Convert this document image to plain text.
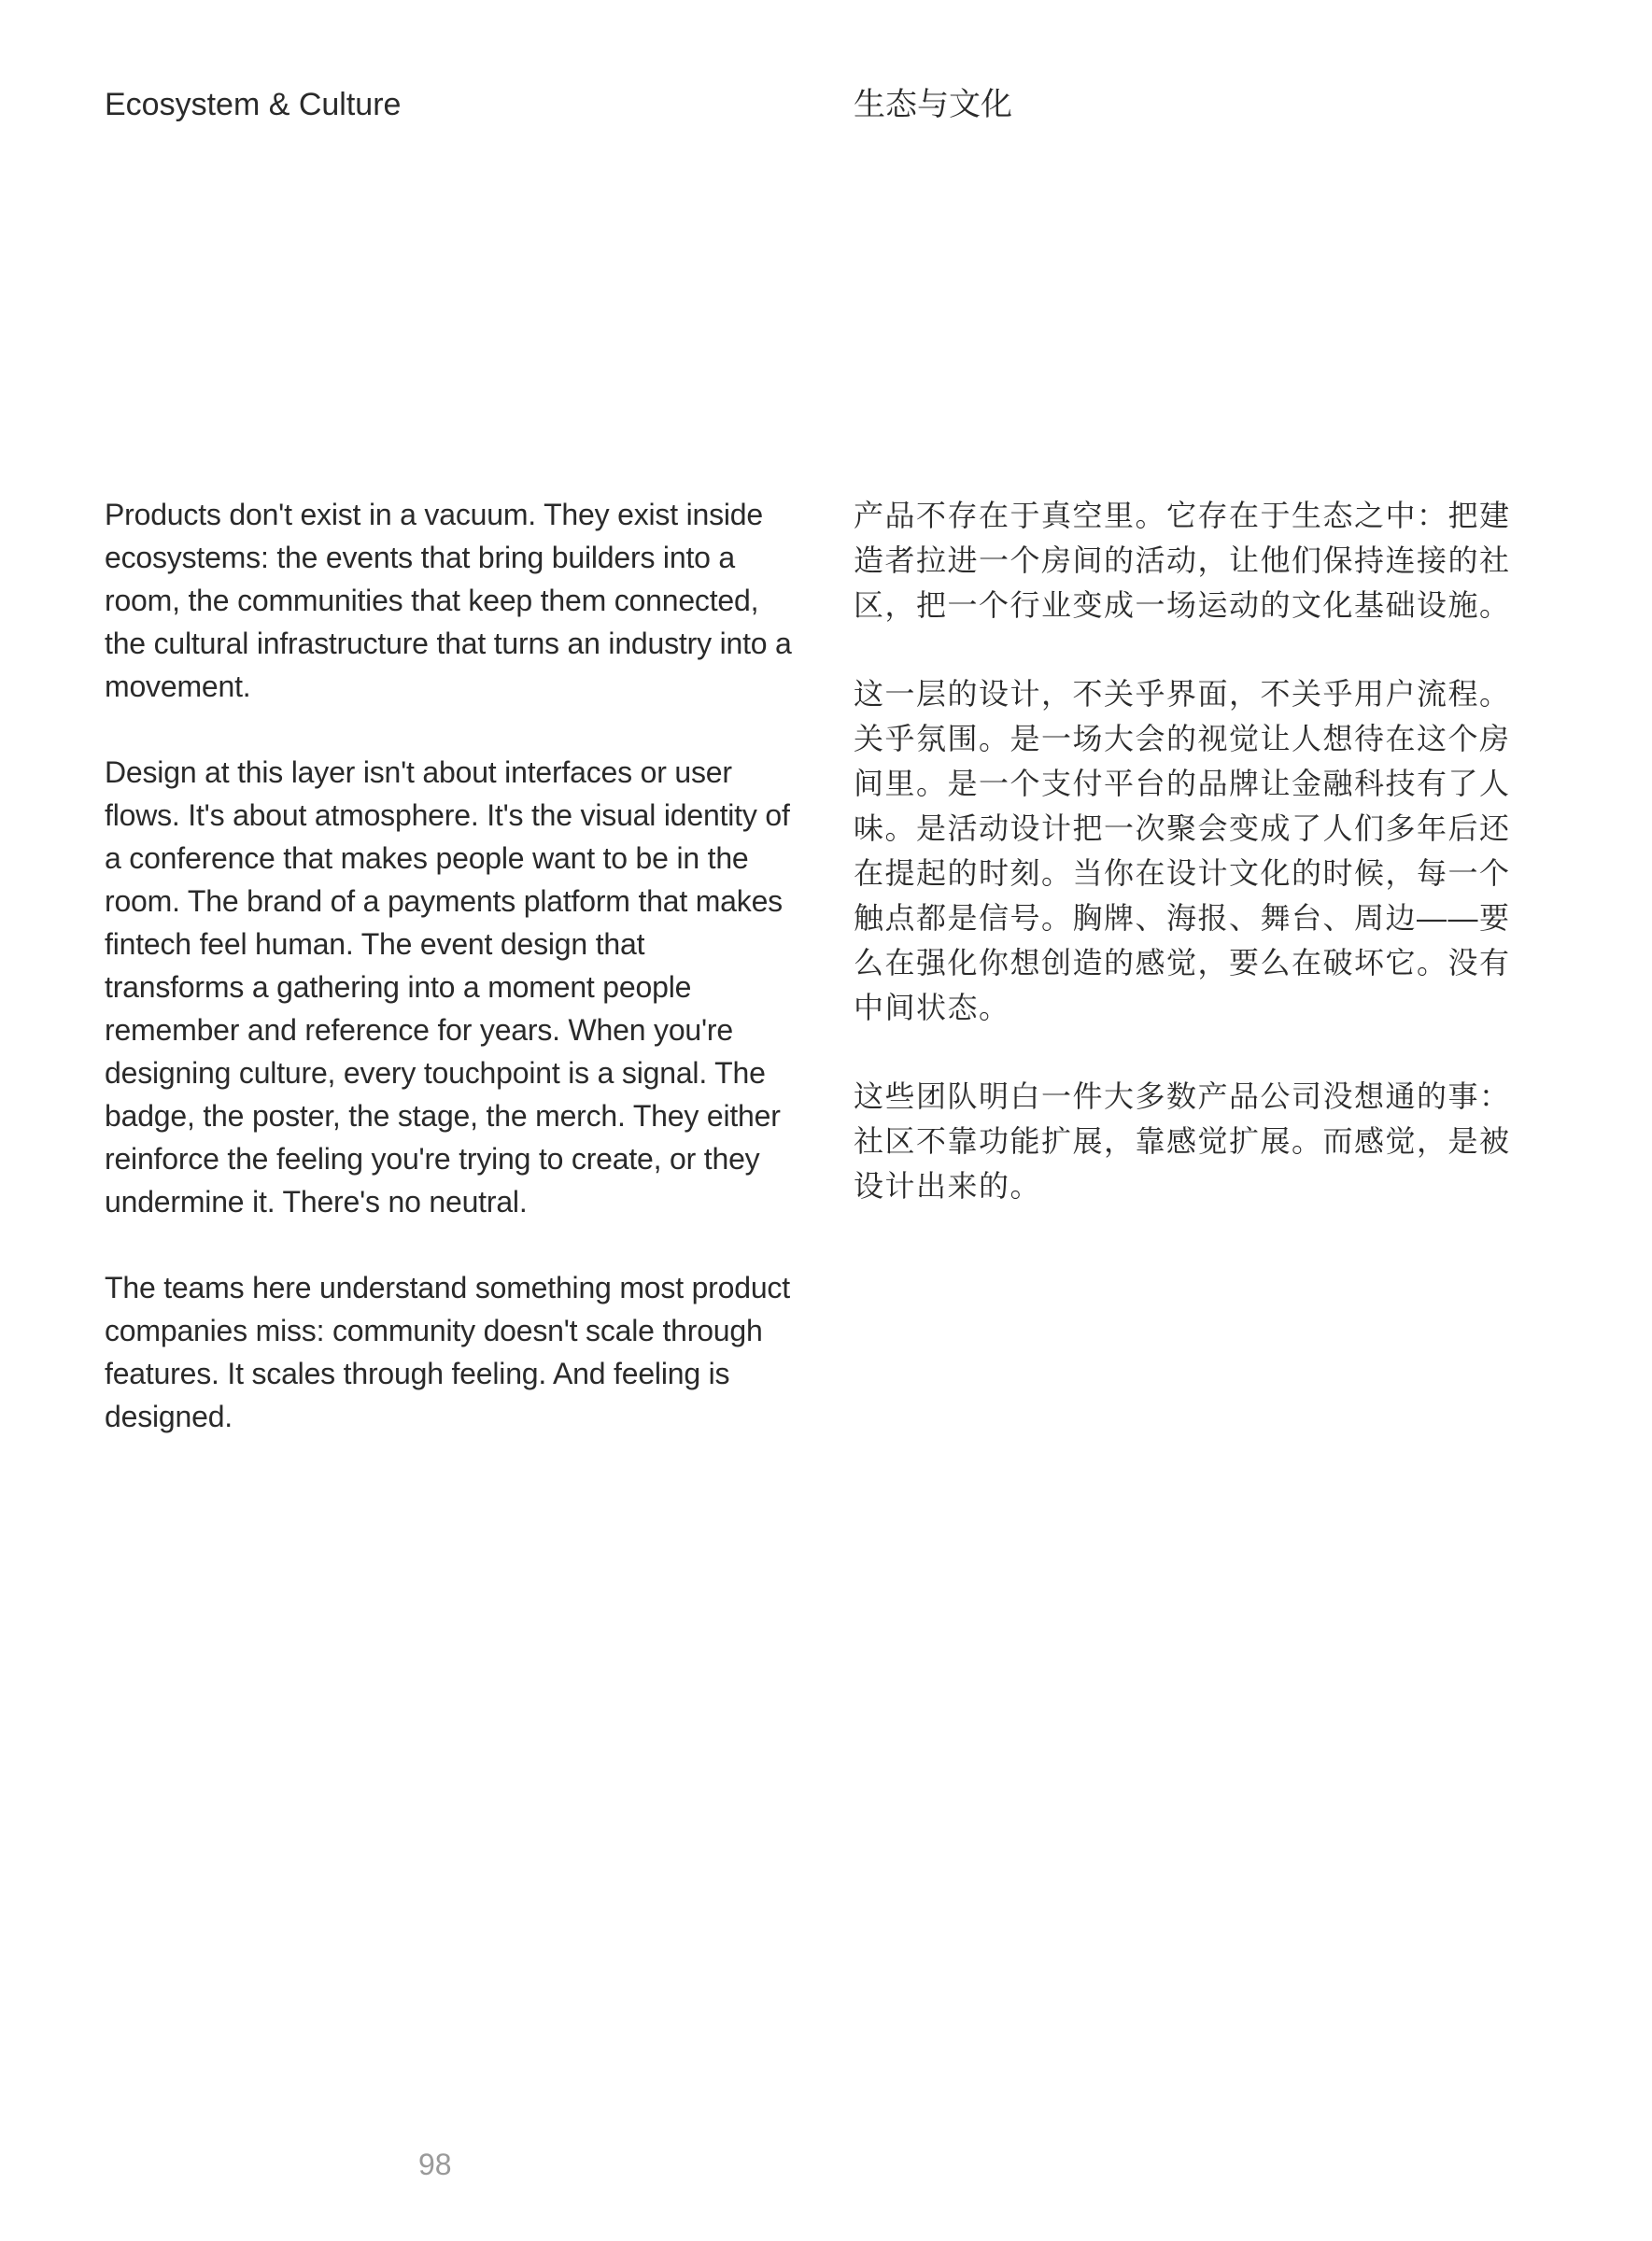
Ecosystem & Culture

Products don't exist in a vacuum. They exist inside ecosystems: the events that bring builders into a room, the communities that keep them connected, the cultural infrastructure that turns an industry into a movement.

Design at this layer isn't about interfaces or user flows. It's about atmosphere. It's the visual identity of a conference that makes people want to be in the room. The brand of a payments platform that makes fintech feel human. The event design that transforms a gathering into a moment people remember and reference for years. When you're designing culture, every touchpoint is a signal. The badge, the poster, the stage, the merch. They either reinforce the feeling you're trying to create, or they undermine it. There's no neutral.

The teams here understand something most product companies miss: community doesn't scale through features. It scales through feeling. And feeling is designed.

生态与文化

产品不存在于真空里。它存在于生态之中：把建造者拉进一个房间的活动，让他们保持连接的社区，把一个行业变成一场运动的文化基础设施。

这一层的设计，不关乎界面，不关乎用户流程。关乎氛围。是一场大会的视觉让人想待在这个房间里。是一个支付平台的品牌让金融科技有了人味。是活动设计把一次聚会变成了人们多年后还在提起的时刻。当你在设计文化的时候，每一个触点都是信号。胸牌、海报、舞台、周边——要么在强化你想创造的感觉，要么在破坏它。没有中间状态。

这些团队明白一件大多数产品公司没想通的事：社区不靠功能扩展，靠感觉扩展。而感觉，是被设计出来的。

98
